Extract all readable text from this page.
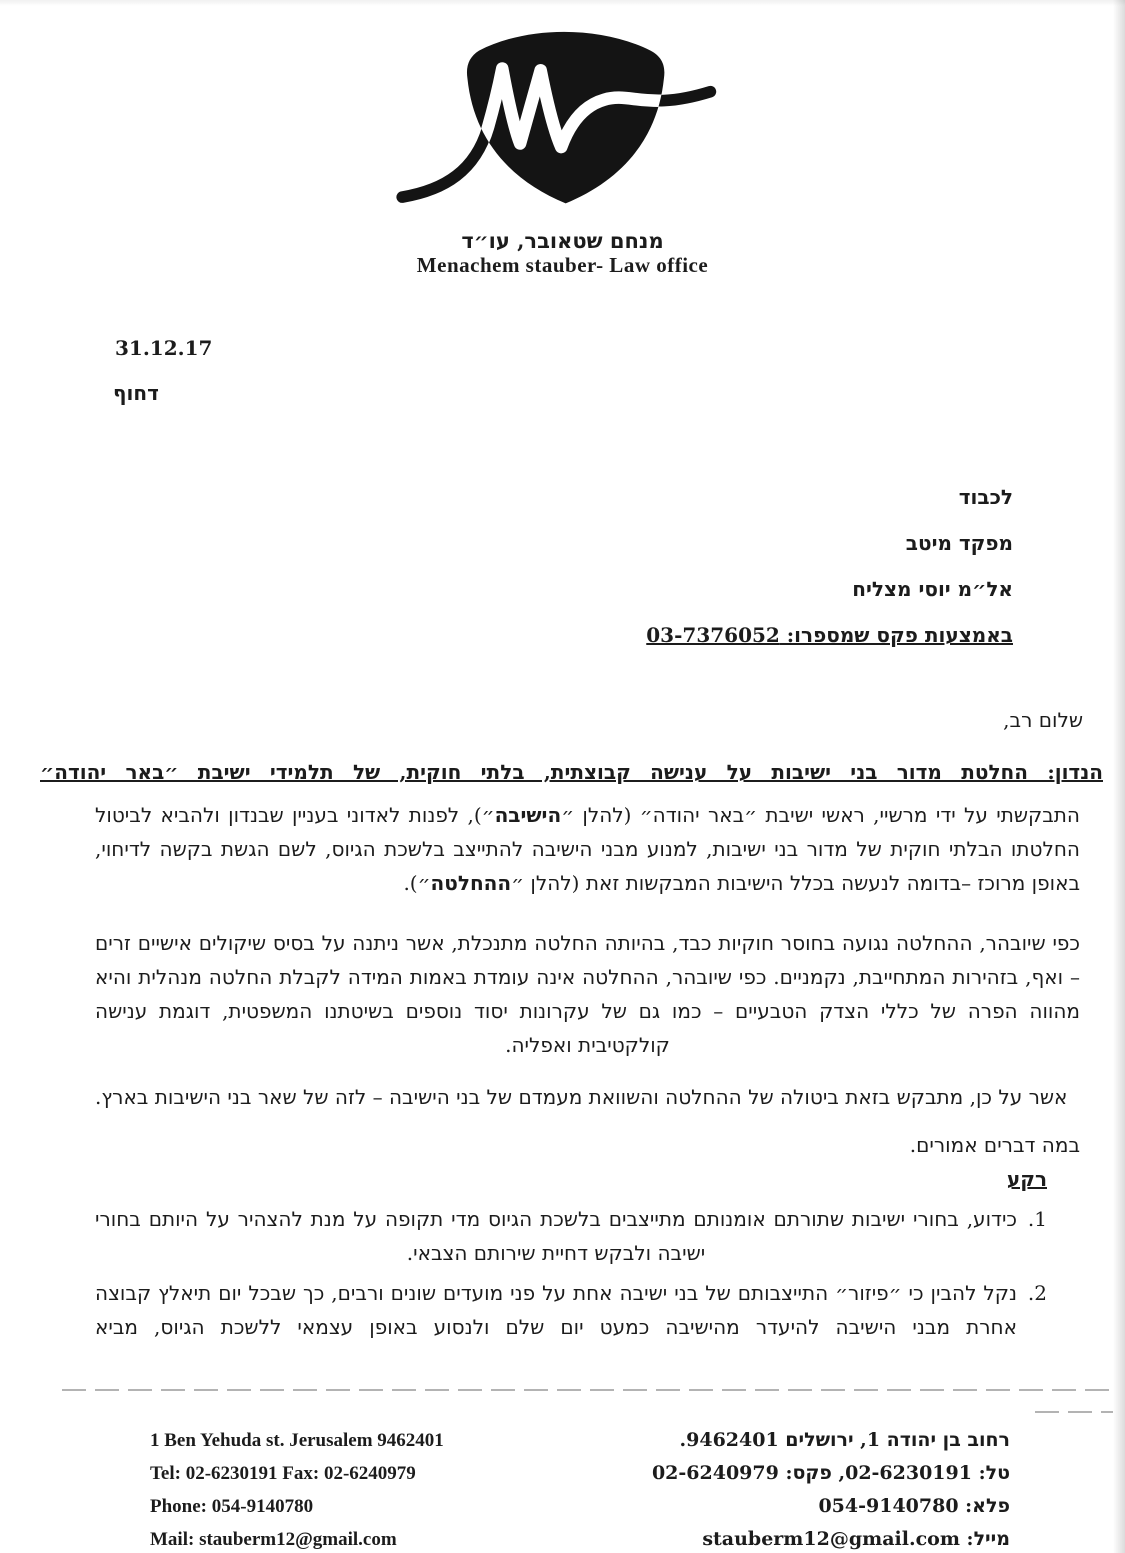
מנחם שטאובר, עו״ד
Menachem stauber- Law office
31.12.17
דחוף
לכבוד
מפקד מיטב
אל״מ יוסי מצליח
באמצעות פקס שמספרו: 03-7376052
שלום רב,
הנדון: החלטת מדור בני ישיבות על ענישה קבוצתית, בלתי חוקית, של תלמידי ישיבת ״באר יהודה״

התבקשתי על ידי מרשיי, ראשי ישיבת ״באר יהודה״ (להלן ״הישיבה״), לפנות לאדוני בעניין שבנדון ולהביא לביטול החלטתו הבלתי חוקית של מדור בני ישיבות, למנוע מבני הישיבה להתייצב בלשכת הגיוס, לשם הגשת בקשה לדיחוי, באופן מרוכז –בדומה לנעשה בכלל הישיבות המבקשות זאת (להלן ״ההחלטה״).

כפי שיובהר, ההחלטה נגועה בחוסר חוקיות כבד, בהיותה החלטה מתנכלת, אשר ניתנה על בסיס שיקולים אישיים זרים – ואף, בזהירות המתחייבת, נקמניים. כפי שיובהר, ההחלטה אינה עומדת באמות המידה לקבלת החלטה מנהלית והיא מהווה הפרה של כללי הצדק הטבעיים – כמו גם של עקרונות יסוד נוספים בשיטתנו המשפטית, דוגמת ענישה קולקטיבית ואפליה.

אשר על כן, מתבקש בזאת ביטולה של ההחלטה והשוואת מעמדם של בני הישיבה – לזה של שאר בני הישיבות בארץ.

במה דברים אמורים.

רקע

1.
כידוע, בחורי ישיבות שתורתם אומנותם מתייצבים בלשכת הגיוס מדי תקופה על מנת להצהיר על היותם בחורי ישיבה ולבקש דחיית שירותם הצבאי.
2.
נקל להבין כי ״פיזור״ התייצבותם של בני ישיבה אחת על פני מועדים שונים ורבים, כך שבכל יום תיאלץ קבוצה אחרת מבני הישיבה להיעדר מהישיבה כמעט יום שלם ולנסוע באופן עצמאי ללשכת הגיוס, מביא
1 Ben Yehuda st. Jerusalem 9462401
Tel: 02-6230191 Fax: 02-6240979
Phone: 054-9140780
Mail: stauberm12@gmail.com
רחוב בן יהודה 1, ירושלים 9462401.
טל: 02-6230191, פקס: 02-6240979
פלא: 054-9140780
מייל: stauberm12@gmail.com
